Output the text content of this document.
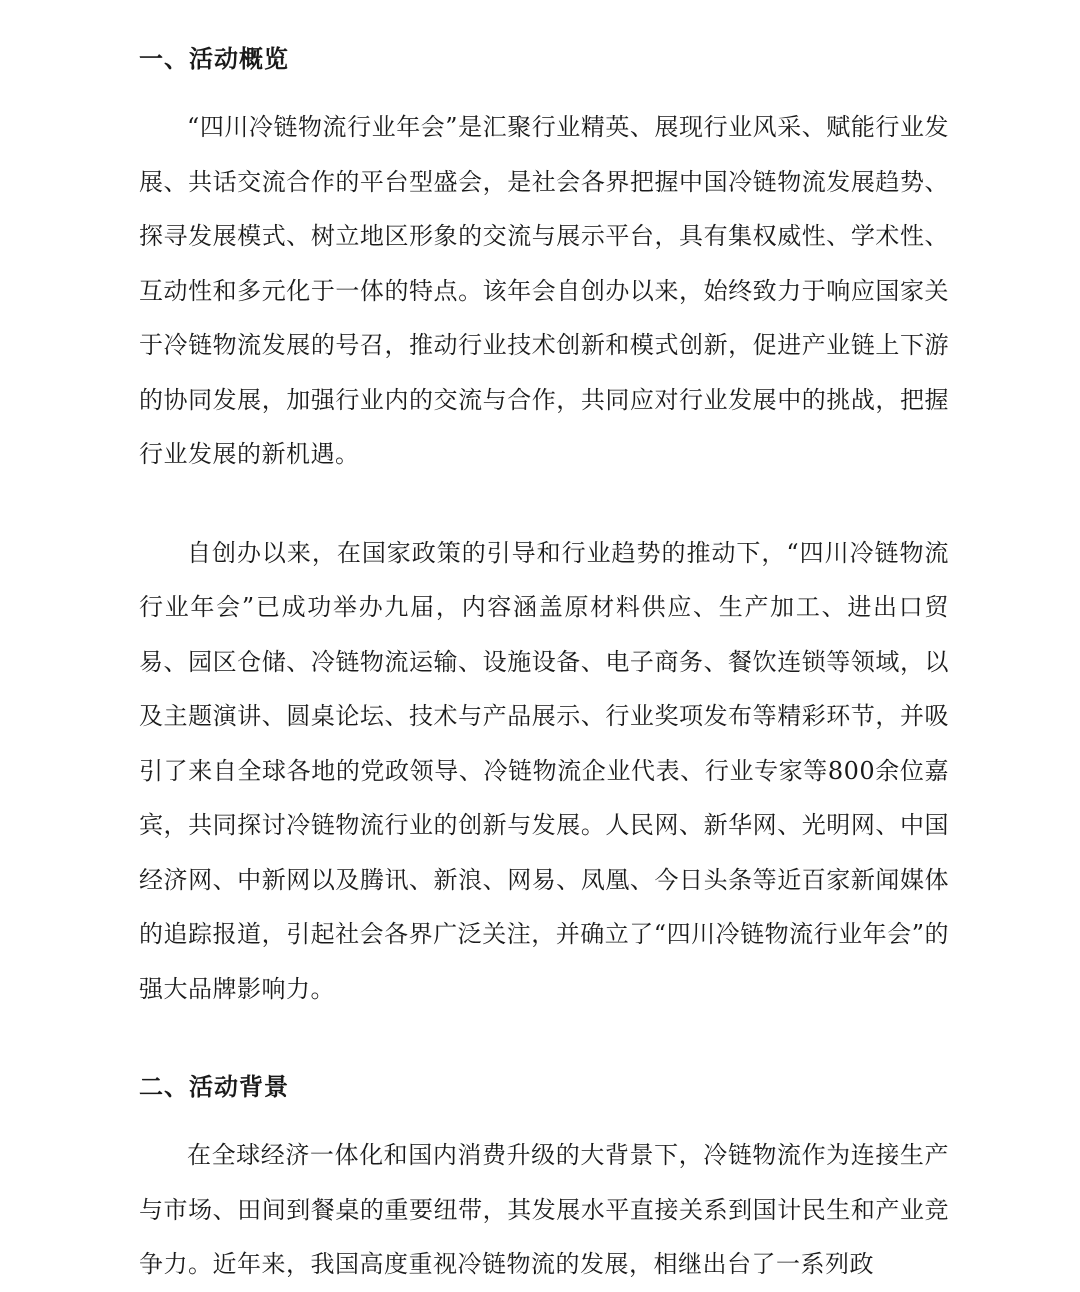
一、活动概览

“四川冷链物流行业年会”是汇聚行业精英、展现行业风采、赋能行业发展、共话交流合作的平台型盛会，是社会各界把握中国冷链物流发展趋势、探寻发展模式、树立地区形象的交流与展示平台，具有集权威性、学术性、互动性和多元化于一体的特点。该年会自创办以来，始终致力于响应国家关于冷链物流发展的号召，推动行业技术创新和模式创新，促进产业链上下游的协同发展，加强行业内的交流与合作，共同应对行业发展中的挑战，把握行业发展的新机遇。

自创办以来，在国家政策的引导和行业趋势的推动下，“四川冷链物流行业年会”已成功举办九届，内容涵盖原材料供应、生产加工、进出口贸易、园区仓储、冷链物流运输、设施设备、电子商务、餐饮连锁等领域，以及主题演讲、圆桌论坛、技术与产品展示、行业奖项发布等精彩环节，并吸引了来自全球各地的党政领导、冷链物流企业代表、行业专家等800余位嘉宾，共同探讨冷链物流行业的创新与发展。人民网、新华网、光明网、中国经济网、中新网以及腾讯、新浪、网易、凤凰、今日头条等近百家新闻媒体的追踪报道，引起社会各界广泛关注，并确立了“四川冷链物流行业年会”的强大品牌影响力。

二、活动背景

在全球经济一体化和国内消费升级的大背景下，冷链物流作为连接生产与市场、田间到餐桌的重要纽带，其发展水平直接关系到国计民生和产业竞争力。近年来，我国高度重视冷链物流的发展，相继出台了一系列政
